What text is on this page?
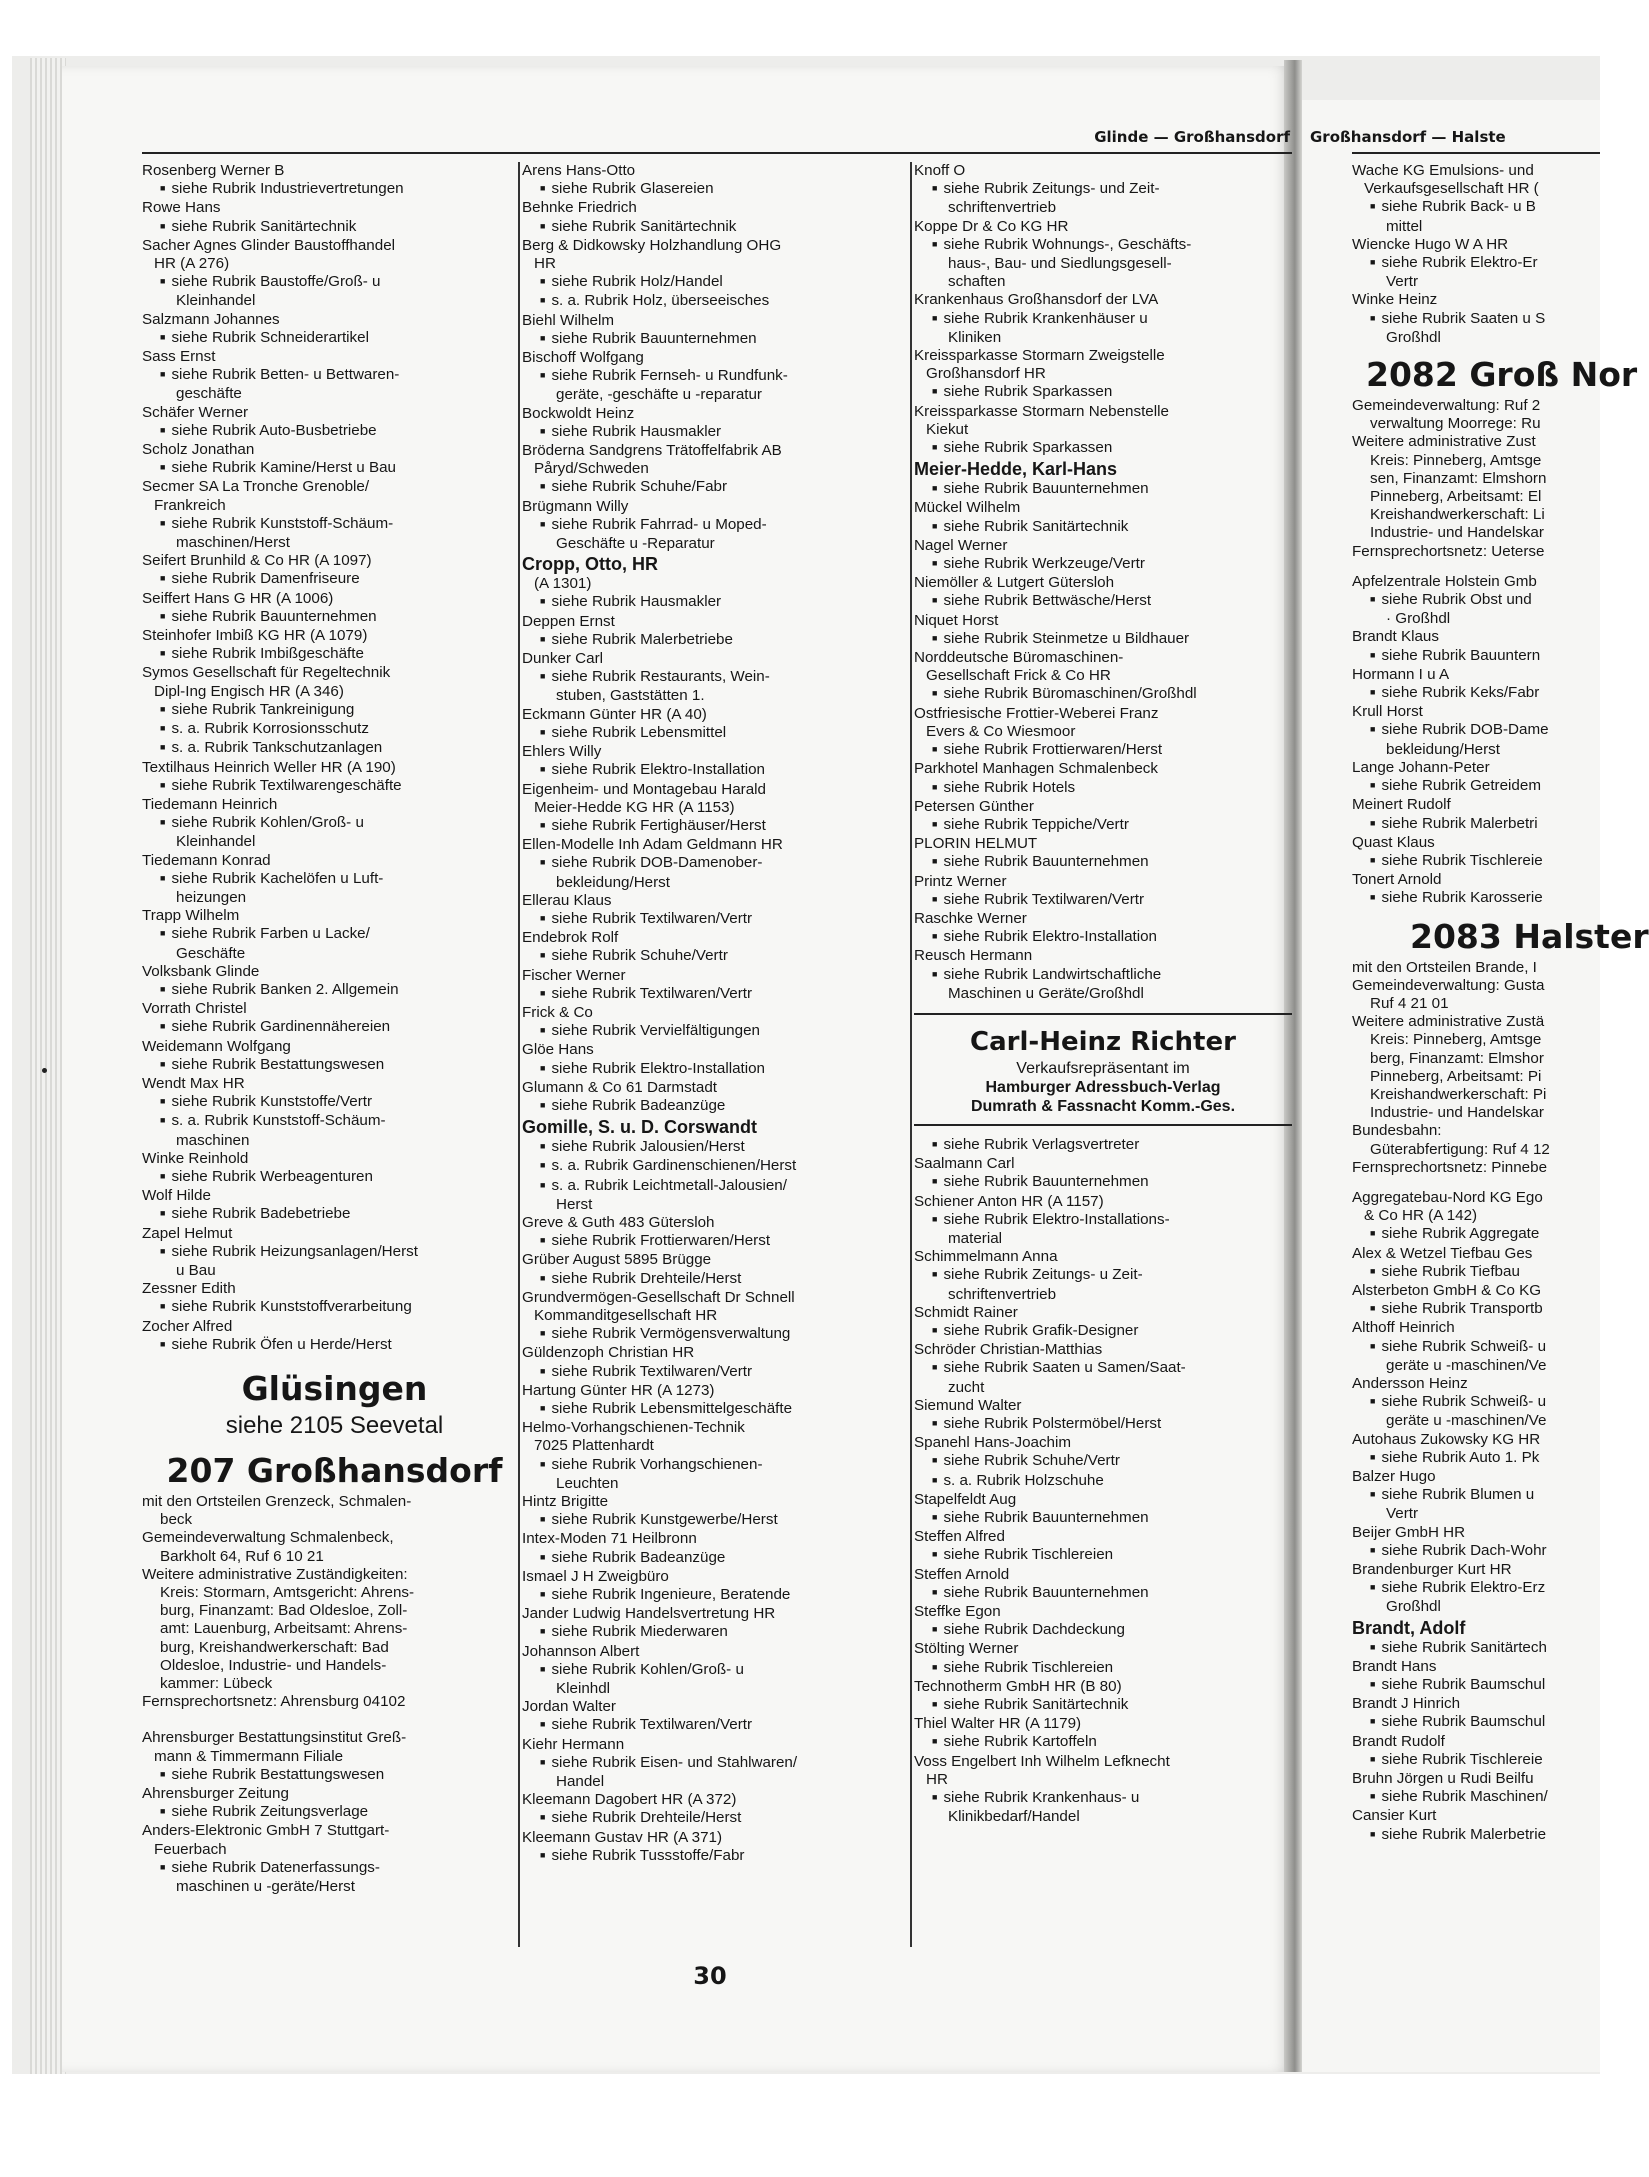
Glinde — Großhansdorf Großhansdorf — Halste
Rosenberg Werner B
■ siehe Rubrik Industrievertretungen
Rowe Hans
■ siehe Rubrik Sanitärtechnik
Sacher Agnes Glinder Baustoffhandel
HR (A 276)
■ siehe Rubrik Baustoffe/Groß- u
Kleinhandel
Salzmann Johannes
■ siehe Rubrik Schneiderartikel
Sass Ernst
■ siehe Rubrik Betten- u Bettwaren-
geschäfte
Schäfer Werner
■ siehe Rubrik Auto-Busbetriebe
Scholz Jonathan
■ siehe Rubrik Kamine/Herst u Bau
Secmer SA La Tronche Grenoble/
Frankreich
■ siehe Rubrik Kunststoff-Schäum-
maschinen/Herst
Seifert Brunhild & Co HR (A 1097)
■ siehe Rubrik Damenfriseure
Seiffert Hans G HR (A 1006)
■ siehe Rubrik Bauunternehmen
Steinhofer Imbiß KG HR (A 1079)
■ siehe Rubrik Imbißgeschäfte
Symos Gesellschaft für Regeltechnik
Dipl-Ing Engisch HR (A 346)
■ siehe Rubrik Tankreinigung
■ s. a. Rubrik Korrosionsschutz
■ s. a. Rubrik Tankschutzanlagen
Textilhaus Heinrich Weller HR (A 190)
■ siehe Rubrik Textilwarengeschäfte
Tiedemann Heinrich
■ siehe Rubrik Kohlen/Groß- u
Kleinhandel
Tiedemann Konrad
■ siehe Rubrik Kachelöfen u Luft-
heizungen
Trapp Wilhelm
■ siehe Rubrik Farben u Lacke/
Geschäfte
Volksbank Glinde
■ siehe Rubrik Banken 2. Allgemein
Vorrath Christel
■ siehe Rubrik Gardinennähereien
Weidemann Wolfgang
■ siehe Rubrik Bestattungswesen
Wendt Max HR
■ siehe Rubrik Kunststoffe/Vertr
■ s. a. Rubrik Kunststoff-Schäum-
maschinen
Winke Reinhold
■ siehe Rubrik Werbeagenturen
Wolf Hilde
■ siehe Rubrik Badebetriebe
Zapel Helmut
■ siehe Rubrik Heizungsanlagen/Herst
u Bau
Zessner Edith
■ siehe Rubrik Kunststoffverarbeitung
Zocher Alfred
■ siehe Rubrik Öfen u Herde/Herst
Glüsingen
siehe 2105 Seevetal
207 Großhansdorf
mit den Ortsteilen Grenzeck, Schmalen-
beck
Gemeindeverwaltung Schmalenbeck,
Barkholt 64, Ruf 6 10 21
Weitere administrative Zuständigkeiten:
Kreis: Stormarn, Amtsgericht: Ahrens-
burg, Finanzamt: Bad Oldesloe, Zoll-
amt: Lauenburg, Arbeitsamt: Ahrens-
burg, Kreishandwerkerschaft: Bad
Oldesloe, Industrie- und Handels-
kammer: Lübeck
Fernsprechortsnetz: Ahrensburg 04102
Ahrensburger Bestattungsinstitut Greß-
mann & Timmermann Filiale
■ siehe Rubrik Bestattungswesen
Ahrensburger Zeitung
■ siehe Rubrik Zeitungsverlage
Anders-Elektronic GmbH 7 Stuttgart-
Feuerbach
■ siehe Rubrik Datenerfassungs-
maschinen u -geräte/Herst
Arens Hans-Otto
■ siehe Rubrik Glasereien
Behnke Friedrich
■ siehe Rubrik Sanitärtechnik
Berg & Didkowsky Holzhandlung OHG
HR
■ siehe Rubrik Holz/Handel
■ s. a. Rubrik Holz, überseeisches
Biehl Wilhelm
■ siehe Rubrik Bauunternehmen
Bischoff Wolfgang
■ siehe Rubrik Fernseh- u Rundfunk-
geräte, -geschäfte u -reparatur
Bockwoldt Heinz
■ siehe Rubrik Hausmakler
Bröderna Sandgrens Trätoffelfabrik AB
Påryd/Schweden
■ siehe Rubrik Schuhe/Fabr
Brügmann Willy
■ siehe Rubrik Fahrrad- u Moped-
Geschäfte u -Reparatur
Cropp, Otto, HR
(A 1301)
■ siehe Rubrik Hausmakler
Deppen Ernst
■ siehe Rubrik Malerbetriebe
Dunker Carl
■ siehe Rubrik Restaurants, Wein-
stuben, Gaststätten 1.
Eckmann Günter HR (A 40)
■ siehe Rubrik Lebensmittel
Ehlers Willy
■ siehe Rubrik Elektro-Installation
Eigenheim- und Montagebau Harald
Meier-Hedde KG HR (A 1153)
■ siehe Rubrik Fertighäuser/Herst
Ellen-Modelle Inh Adam Geldmann HR
■ siehe Rubrik DOB-Damenober-
bekleidung/Herst
Ellerau Klaus
■ siehe Rubrik Textilwaren/Vertr
Endebrok Rolf
■ siehe Rubrik Schuhe/Vertr
Fischer Werner
■ siehe Rubrik Textilwaren/Vertr
Frick & Co
■ siehe Rubrik Vervielfältigungen
Glöe Hans
■ siehe Rubrik Elektro-Installation
Glumann & Co 61 Darmstadt
■ siehe Rubrik Badeanzüge
Gomille, S. u. D. Corswandt
■ siehe Rubrik Jalousien/Herst
■ s. a. Rubrik Gardinenschienen/Herst
■ s. a. Rubrik Leichtmetall-Jalousien/
Herst
Greve & Guth 483 Gütersloh
■ siehe Rubrik Frottierwaren/Herst
Grüber August 5895 Brügge
■ siehe Rubrik Drehteile/Herst
Grundvermögen-Gesellschaft Dr Schnell
Kommanditgesellschaft HR
■ siehe Rubrik Vermögensverwaltung
Güldenzoph Christian HR
■ siehe Rubrik Textilwaren/Vertr
Hartung Günter HR (A 1273)
■ siehe Rubrik Lebensmittelgeschäfte
Helmo-Vorhangschienen-Technik
7025 Plattenhardt
■ siehe Rubrik Vorhangschienen-
Leuchten
Hintz Brigitte
■ siehe Rubrik Kunstgewerbe/Herst
Intex-Moden 71 Heilbronn
■ siehe Rubrik Badeanzüge
Ismael J H Zweigbüro
■ siehe Rubrik Ingenieure, Beratende
Jander Ludwig Handelsvertretung HR
■ siehe Rubrik Miederwaren
Johannson Albert
■ siehe Rubrik Kohlen/Groß- u
Kleinhdl
Jordan Walter
■ siehe Rubrik Textilwaren/Vertr
Kiehr Hermann
■ siehe Rubrik Eisen- und Stahlwaren/
Handel
Kleemann Dagobert HR (A 372)
■ siehe Rubrik Drehteile/Herst
Kleemann Gustav HR (A 371)
■ siehe Rubrik Tussstoffe/Fabr
Knoff O
■ siehe Rubrik Zeitungs- und Zeit-
schriftenvertrieb
Koppe Dr & Co KG HR
■ siehe Rubrik Wohnungs-, Geschäfts-
haus-, Bau- und Siedlungsgesell-
schaften
Krankenhaus Großhansdorf der LVA
■ siehe Rubrik Krankenhäuser u
Kliniken
Kreissparkasse Stormarn Zweigstelle
Großhansdorf HR
■ siehe Rubrik Sparkassen
Kreissparkasse Stormarn Nebenstelle
Kiekut
■ siehe Rubrik Sparkassen
Meier-Hedde, Karl-Hans
■ siehe Rubrik Bauunternehmen
Mückel Wilhelm
■ siehe Rubrik Sanitärtechnik
Nagel Werner
■ siehe Rubrik Werkzeuge/Vertr
Niemöller & Lutgert Gütersloh
■ siehe Rubrik Bettwäsche/Herst
Niquet Horst
■ siehe Rubrik Steinmetze u Bildhauer
Norddeutsche Büromaschinen-
Gesellschaft Frick & Co HR
■ siehe Rubrik Büromaschinen/Großhdl
Ostfriesische Frottier-Weberei Franz
Evers & Co Wiesmoor
■ siehe Rubrik Frottierwaren/Herst
Parkhotel Manhagen Schmalenbeck
■ siehe Rubrik Hotels
Petersen Günther
■ siehe Rubrik Teppiche/Vertr
PLORIN HELMUT
■ siehe Rubrik Bauunternehmen
Printz Werner
■ siehe Rubrik Textilwaren/Vertr
Raschke Werner
■ siehe Rubrik Elektro-Installation
Reusch Hermann
■ siehe Rubrik Landwirtschaftliche
Maschinen u Geräte/Großhdl
Carl-Heinz Richter
Verkaufsrepräsentant im
Hamburger Adressbuch-Verlag
Dumrath & Fassnacht Komm.-Ges.
■ siehe Rubrik Verlagsvertreter
Saalmann Carl
■ siehe Rubrik Bauunternehmen
Schiener Anton HR (A 1157)
■ siehe Rubrik Elektro-Installations-
material
Schimmelmann Anna
■ siehe Rubrik Zeitungs- u Zeit-
schriftenvertrieb
Schmidt Rainer
■ siehe Rubrik Grafik-Designer
Schröder Christian-Matthias
■ siehe Rubrik Saaten u Samen/Saat-
zucht
Siemund Walter
■ siehe Rubrik Polstermöbel/Herst
Spanehl Hans-Joachim
■ siehe Rubrik Schuhe/Vertr
■ s. a. Rubrik Holzschuhe
Stapelfeldt Aug
■ siehe Rubrik Bauunternehmen
Steffen Alfred
■ siehe Rubrik Tischlereien
Steffen Arnold
■ siehe Rubrik Bauunternehmen
Steffke Egon
■ siehe Rubrik Dachdeckung
Stölting Werner
■ siehe Rubrik Tischlereien
Technotherm GmbH HR (B 80)
■ siehe Rubrik Sanitärtechnik
Thiel Walter HR (A 1179)
■ siehe Rubrik Kartoffeln
Voss Engelbert Inh Wilhelm Lefknecht
HR
■ siehe Rubrik Krankenhaus- u
Klinikbedarf/Handel
Wache KG Emulsions- und
Verkaufsgesellschaft HR (
■ siehe Rubrik Back- u B
mittel
Wiencke Hugo W A HR
■ siehe Rubrik Elektro-Er
Vertr
Winke Heinz
■ siehe Rubrik Saaten u S
Großhdl
2082 Groß Nor
Gemeindeverwaltung: Ruf 2
verwaltung Moorrege: Ru
Weitere administrative Zust
Kreis: Pinneberg, Amtsge
sen, Finanzamt: Elmshorn
Pinneberg, Arbeitsamt: El
Kreishandwerkerschaft: Li
Industrie- und Handelskar
Fernsprechortsnetz: Uetersе
Apfelzentrale Holstein Gmb
■ siehe Rubrik Obst und
· Großhdl
Brandt Klaus
■ siehe Rubrik Bauuntern
Hormann I u A
■ siehe Rubrik Keks/Fabr
Krull Horst
■ siehe Rubrik DOB-Dame
bekleidung/Herst
Lange Johann-Peter
■ siehe Rubrik Getreidem
Meinert Rudolf
■ siehe Rubrik Malerbetri
Quast Klaus
■ siehe Rubrik Tischlereie
Tonert Arnold
■ siehe Rubrik Karosserie
2083 Halster
mit den Ortsteilen Brande, I
Gemeindeverwaltung: Gusta
Ruf 4 21 01
Weitere administrative Zustä
Kreis: Pinneberg, Amtsge
berg, Finanzamt: Elmshor
Pinneberg, Arbeitsamt: Pi
Kreishandwerkerschaft: Pi
Industrie- und Handelskar
Bundesbahn:
Güterabfertigung: Ruf 4 12
Fernsprechortsnetz: Pinnebe
Aggregatebau-Nord KG Ego
& Co HR (A 142)
■ siehe Rubrik Aggregate
Alex & Wetzel Tiefbau Ges
■ siehe Rubrik Tiefbau
Alsterbeton GmbH & Co KG
■ siehe Rubrik Transportb
Althoff Heinrich
■ siehe Rubrik Schweiß- u
geräte u -maschinen/Ve
Andersson Heinz
■ siehe Rubrik Schweiß- u
geräte u -maschinen/Ve
Autohaus Zukowsky KG HR
■ siehe Rubrik Auto 1. Pk
Balzer Hugo
■ siehe Rubrik Blumen u
Vertr
Beijer GmbH HR
■ siehe Rubrik Dach-Wohr
Brandenburger Kurt HR
■ siehe Rubrik Elektro-Erz
Großhdl
Brandt, Adolf
■ siehe Rubrik Sanitärtech
Brandt Hans
■ siehe Rubrik Baumschul
Brandt J Hinrich
■ siehe Rubrik Baumschul
Brandt Rudolf
■ siehe Rubrik Tischlereie
Bruhn Jörgen u Rudi Beilfu
■ siehe Rubrik Maschinen/
Cansier Kurt
■ siehe Rubrik Malerbetrie
30
